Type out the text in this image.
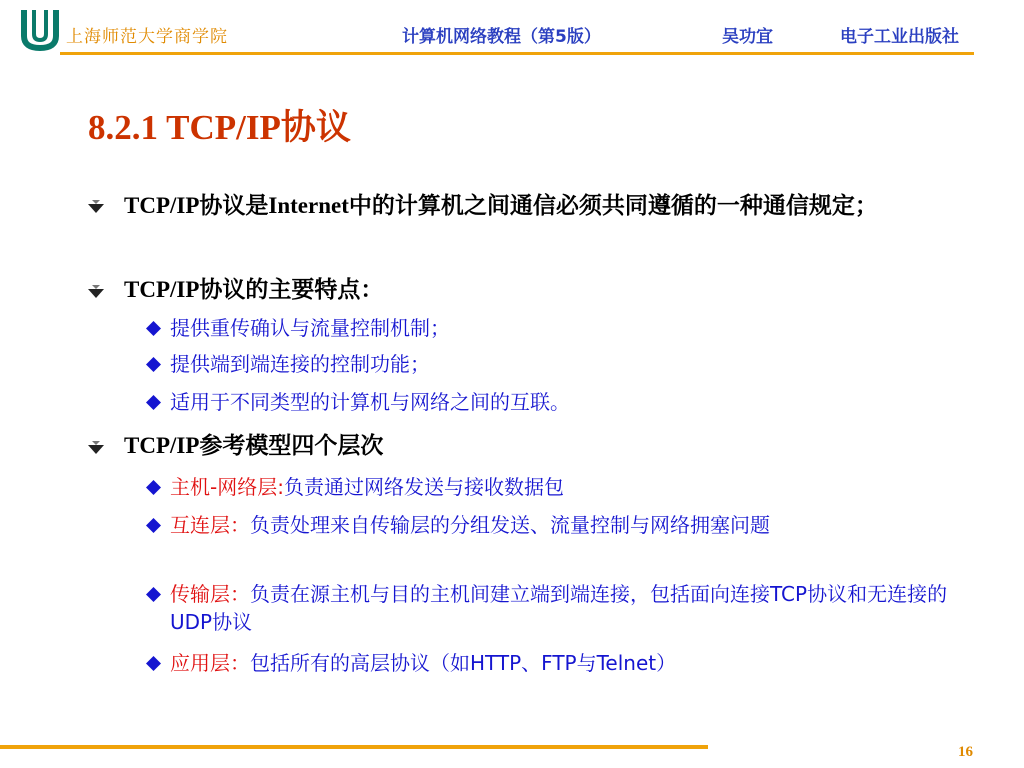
上海师范大学商学院	计算机网络教程（第5版）	吴功宜	电子工业出版社
8.2.1 TCP/IP协议
TCP/IP协议是Internet中的计算机之间通信必须共同遵循的一种通信规定；
TCP/IP协议的主要特点：
提供重传确认与流量控制机制；
提供端到端连接的控制功能；
适用于不同类型的计算机与网络之间的互联。
TCP/IP参考模型四个层次
主机-网络层:负责通过网络发送与接收数据包
互连层：负责处理来自传输层的分组发送、流量控制与网络拥塞问题
传输层：负责在源主机与目的主机间建立端到端连接，包括面向连接TCP协议和无连接的UDP协议
应用层：包括所有的高层协议（如HTTP、FTP与Telnet）
16
